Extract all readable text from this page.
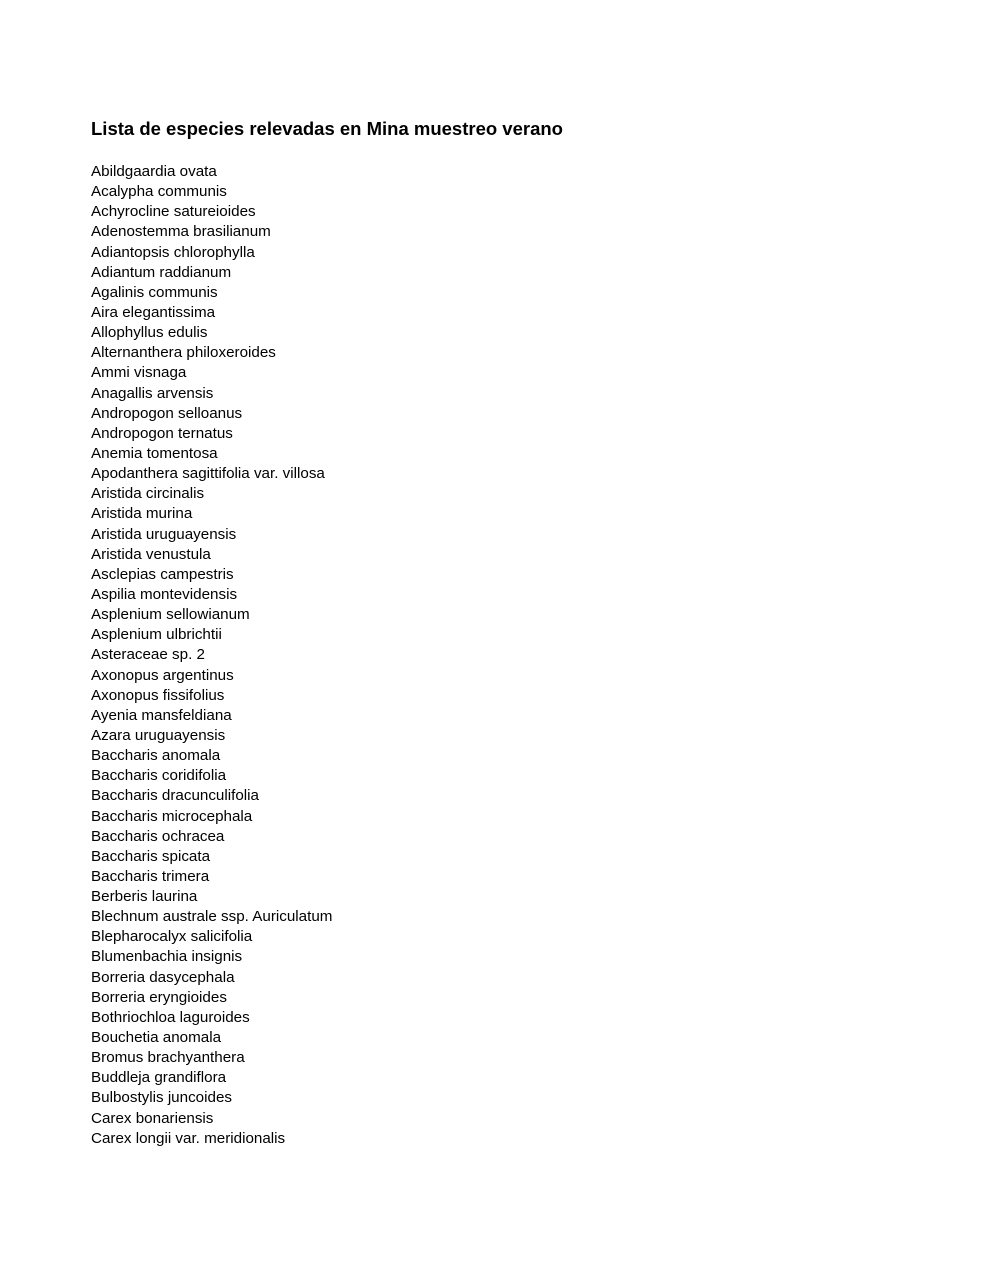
Lista de especies relevadas en Mina muestreo verano
Abildgaardia ovata
Acalypha communis
Achyrocline satureioides
Adenostemma brasilianum
Adiantopsis chlorophylla
Adiantum raddianum
Agalinis communis
Aira elegantissima
Allophyllus edulis
Alternanthera philoxeroides
Ammi visnaga
Anagallis arvensis
Andropogon selloanus
Andropogon ternatus
Anemia tomentosa
Apodanthera sagittifolia var. villosa
Aristida circinalis
Aristida murina
Aristida uruguayensis
Aristida venustula
Asclepias campestris
Aspilia montevidensis
Asplenium sellowianum
Asplenium ulbrichtii
Asteraceae sp. 2
Axonopus argentinus
Axonopus fissifolius
Ayenia mansfeldiana
Azara uruguayensis
Baccharis anomala
Baccharis coridifolia
Baccharis dracunculifolia
Baccharis microcephala
Baccharis ochracea
Baccharis spicata
Baccharis trimera
Berberis laurina
Blechnum australe ssp. Auriculatum
Blepharocalyx salicifolia
Blumenbachia insignis
Borreria dasycephala
Borreria eryngioides
Bothriochloa laguroides
Bouchetia anomala
Bromus brachyanthera
Buddleja grandiflora
Bulbostylis juncoides
Carex bonariensis
Carex longii var. meridionalis
